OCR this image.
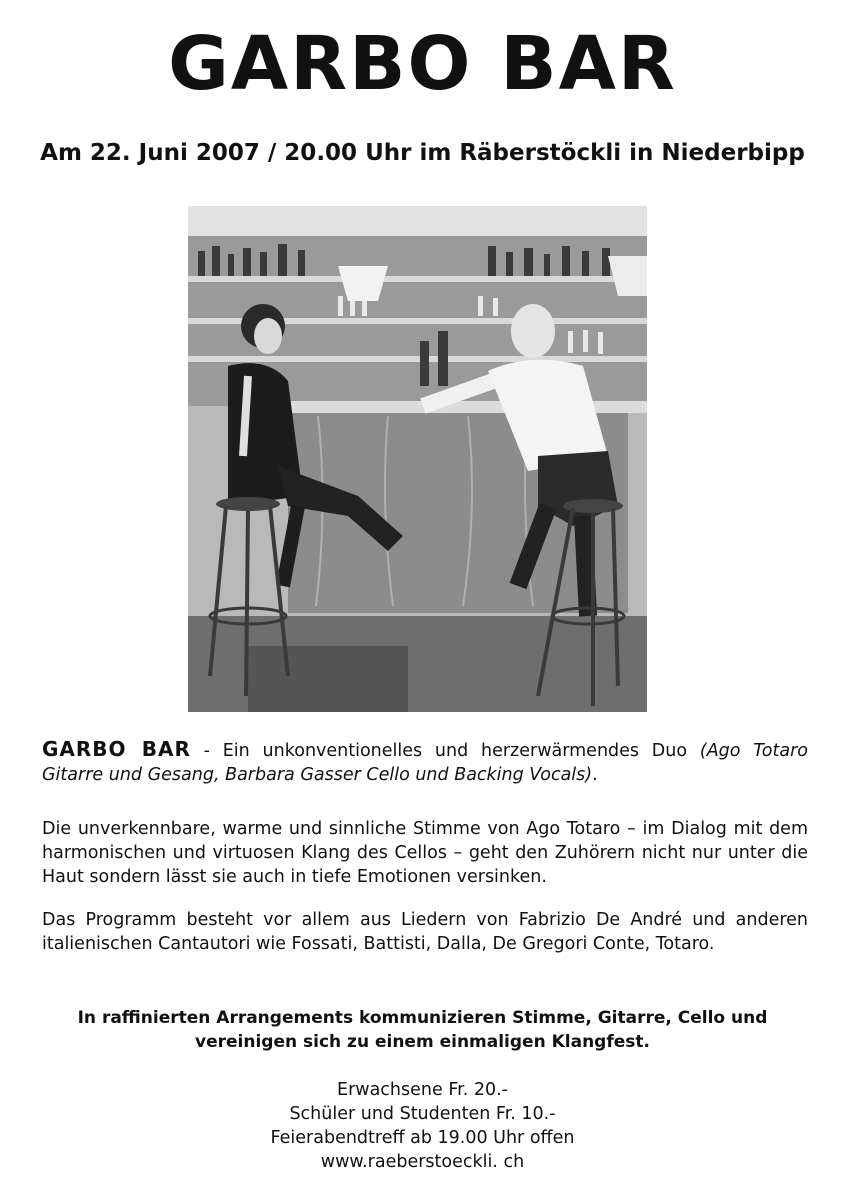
GARBO BAR
Am 22. Juni 2007 / 20.00 Uhr im Räberstöckli in Niederbipp

GARBO BAR - Ein unkonventionelles und herzerwärmendes Duo (Ago Totaro Gitarre und Gesang, Barbara Gasser Cello und Backing Vocals).

Die unverkennbare, warme und sinnliche Stimme von Ago Totaro – im Dialog mit dem harmonischen und virtuosen Klang des Cellos – geht den Zuhörern nicht nur unter die Haut sondern lässt sie auch in tiefe Emotionen versinken.

Das Programm besteht vor allem aus Liedern von Fabrizio De André und anderen italienischen Cantautori wie Fossati, Battisti, Dalla, De Gregori Conte, Totaro.

In raffinierten Arrangements kommunizieren Stimme, Gitarre, Cello und vereinigen sich zu einem einmaligen Klangfest.
Erwachsene Fr. 20.-
Schüler und Studenten Fr. 10.-
Feierabendtreff ab 19.00 Uhr offen
www.raeberstoeckli. ch
